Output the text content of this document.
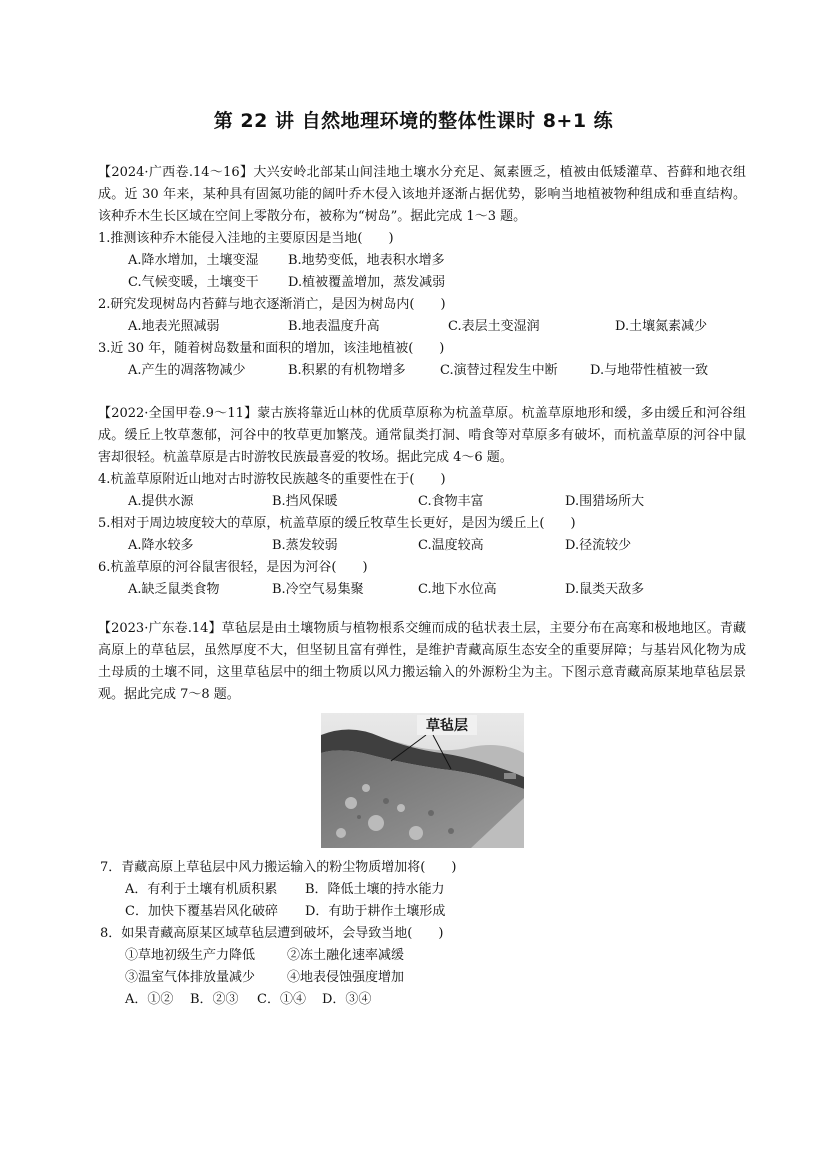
第 22 讲 自然地理环境的整体性课时 8+1 练
【2024·广西卷.14～16】大兴安岭北部某山间洼地土壤水分充足、氮素匮乏，植被由低矮灌草、苔藓和地衣组成。近 30 年来，某种具有固氮功能的阔叶乔木侵入该地并逐渐占据优势，影响当地植被物种组成和垂直结构。该种乔木生长区域在空间上零散分布，被称为“树岛”。据此完成 1～3 题。
1.推测该种乔木能侵入洼地的主要原因是当地(　　)
A.降水增加，土壤变湿 B.地势变低，地表积水增多
C.气候变暖，土壤变干 D.植被覆盖增加，蒸发减弱
2.研究发现树岛内苔藓与地衣逐渐消亡，是因为树岛内(　　)
A.地表光照减弱	B.地表温度升高	C.表层土变湿润	D.土壤氮素减少
3.近 30 年，随着树岛数量和面积的增加，该洼地植被(　　)
A.产生的凋落物减少	B.积累的有机物增多	C.演替过程发生中断 D.与地带性植被一致
【2022·全国甲卷.9～11】蒙古族将靠近山林的优质草原称为杭盖草原。杭盖草原地形和缓，多由缓丘和河谷组成。缓丘上牧草葱郁，河谷中的牧草更加繁茂。通常鼠类打洞、啃食等对草原多有破坏，而杭盖草原的河谷中鼠害却很轻。杭盖草原是古时游牧民族最喜爱的牧场。据此完成 4～6 题。
4.杭盖草原附近山地对古时游牧民族越冬的重要性在于(　　)
A.提供水源	B.挡风保暖	C.食物丰富	D.围猎场所大
5.相对于周边坡度较大的草原，杭盖草原的缓丘牧草生长更好，是因为缓丘上(　　)
A.降水较多	B.蒸发较弱	C.温度较高	D.径流较少
6.杭盖草原的河谷鼠害很轻，是因为河谷(　　)
A.缺乏鼠类食物	B.冷空气易集聚	C.地下水位高	D.鼠类天敌多
【2023·广东卷.14】草毡层是由土壤物质与植物根系交缠而成的毡状表土层，主要分布在高寒和极地地区。青藏高原上的草毡层，虽然厚度不大，但坚韧且富有弹性，是维护青藏高原生态安全的重要屏障；与基岩风化物为成土母质的土壤不同，这里草毡层中的细土物质以风力搬运输入的外源粉尘为主。下图示意青藏高原某地草毡层景观。据此完成 7～8 题。
草毡层
7．青藏高原上草毡层中风力搬运输入的粉尘物质增加将(　　)
A．有利于土壤有机质积累 B．降低土壤的持水能力
C．加快下覆基岩风化破碎 D．有助于耕作土壤形成
8．如果青藏高原某区域草毡层遭到破坏，会导致当地(　　)
①草地初级生产力降低 ②冻土融化速率减缓
③温室气体排放量减少 ④地表侵蚀强度增加
A．①② B．②③ C．①④ D．③④
